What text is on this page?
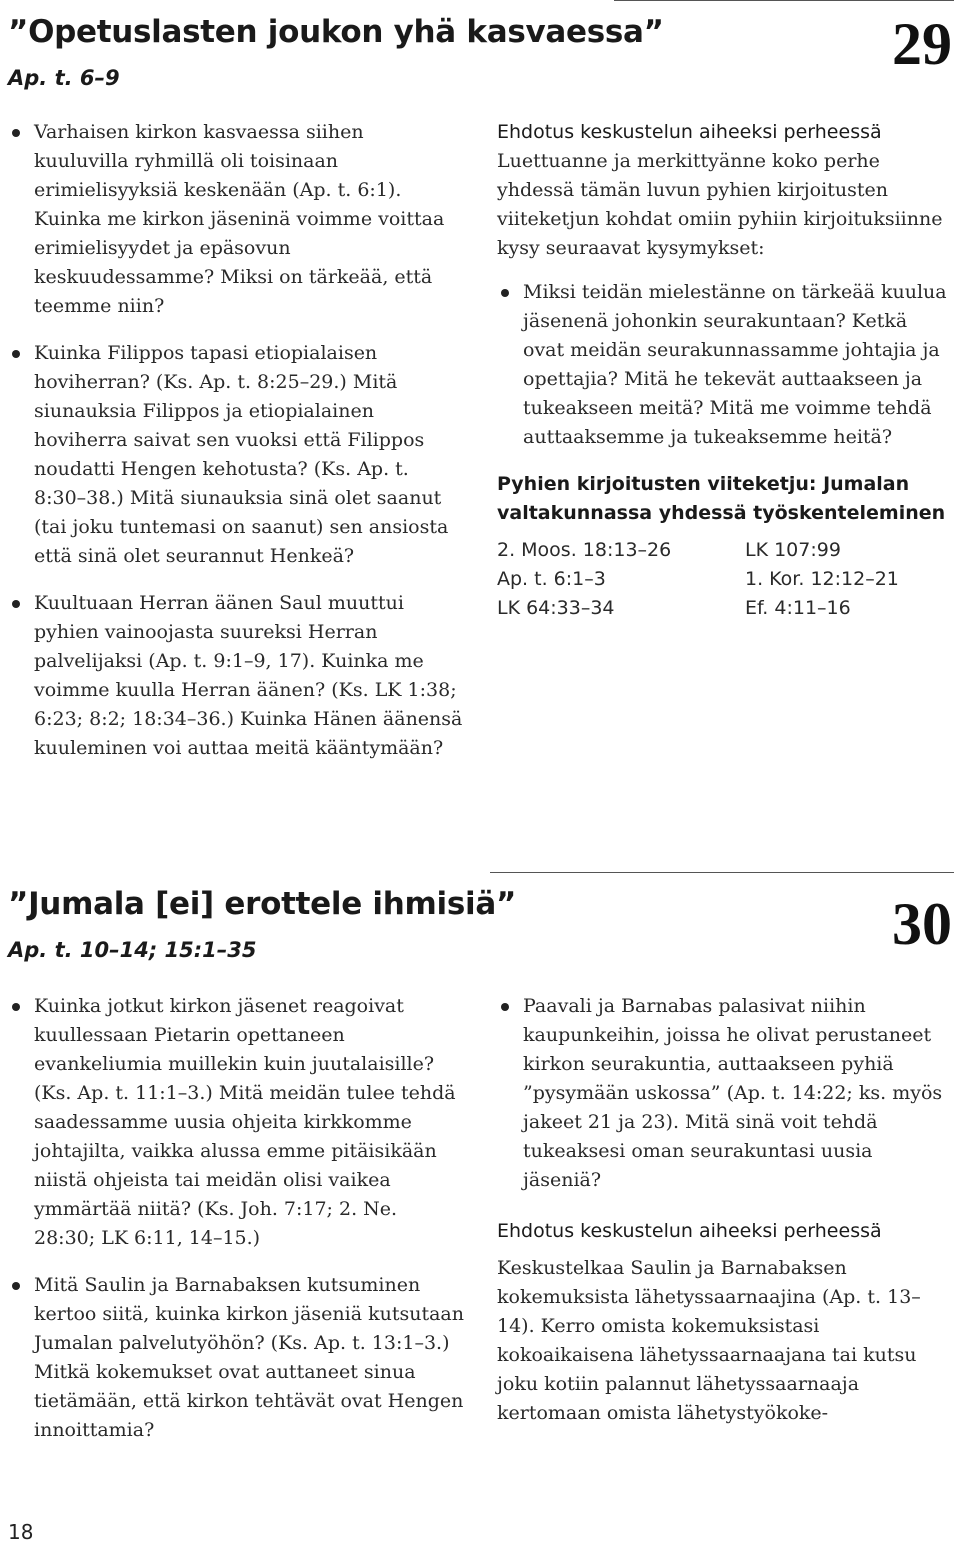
”Opetuslasten joukon yhä kasvaessa”
Ap. t. 6–9
29
Varhaisen kirkon kasvaessa siihen kuuluvilla ryhmillä oli toisinaan erimielisyyksiä keskenään (Ap. t. 6:1). Kuinka me kirkon jäseninä voimme voittaa erimielisyydet ja epäsovun keskuudessamme? Miksi on tärkeää, että teemme niin?
Kuinka Filippos tapasi etiopialaisen hoviherran? (Ks. Ap. t. 8:25–29.) Mitä siunauksia Filippos ja etiopialainen hoviherra saivat sen vuoksi että Filippos noudatti Hengen kehotusta? (Ks. Ap. t. 8:30–38.) Mitä siunauksia sinä olet saanut (tai joku tuntemasi on saanut) sen ansiosta että sinä olet seurannut Henkeä?
Kuultuaan Herran äänen Saul muuttui pyhien vainoojasta suureksi Herran palvelijaksi (Ap. t. 9:1–9, 17). Kuinka me voimme kuulla Herran äänen? (Ks. LK 1:38; 6:23; 8:2; 18:34–36.) Kuinka Hänen äänensä kuuleminen voi auttaa meitä kääntymään?
Ehdotus keskustelun aiheeksi perheessä

Luettuanne ja merkittyänne koko perhe yhdessä tämän luvun pyhien kirjoitusten viiteketjun kohdat omiin pyhiin kirjoituksiinne kysy seuraavat kysymykset:

Miksi teidän mielestänne on tärkeää kuulua jäsenenä johonkin seurakuntaan? Ketkä ovat meidän seurakunnassamme johtajia ja opettajia? Mitä he tekevät auttaakseen ja tukeakseen meitä? Mitä me voimme tehdä auttaaksemme ja tukeaksemme heitä?
Pyhien kirjoitusten viiteketju: Jumalan valtakunnassa yhdessä työskenteleminen
2. Moos. 18:13–26	LK 107:99
Ap. t. 6:1–3	1. Kor. 12:12–21
LK 64:33–34	Ef. 4:11–16
”Jumala [ei] erottele ihmisiä”
Ap. t. 10–14; 15:1–35	30
Kuinka jotkut kirkon jäsenet reagoivat kuullessaan Pietarin opettaneen evankeliumia muillekin kuin juutalaisille? (Ks. Ap. t. 11:1–3.) Mitä meidän tulee tehdä saadessamme uusia ohjeita kirkkomme johtajilta, vaikka alussa emme pitäisikään niistä ohjeista tai meidän olisi vaikea ymmärtää niitä? (Ks. Joh. 7:17; 2. Ne. 28:30; LK 6:11, 14–15.)
Mitä Saulin ja Barnabaksen kutsuminen kertoo siitä, kuinka kirkon jäseniä kutsutaan Jumalan palvelutyöhön? (Ks. Ap. t. 13:1–3.) Mitkä kokemukset ovat auttaneet sinua tietämään, että kirkon tehtävät ovat Hengen innoittamia?
Paavali ja Barnabas palasivat niihin kaupunkeihin, joissa he olivat perustaneet kirkon seurakuntia, auttaakseen pyhiä ”pysymään uskossa” (Ap. t. 14:22; ks. myös jakeet 21 ja 23). Mitä sinä voit tehdä tukeaksesi oman seurakuntasi uusia jäseniä?
Ehdotus keskustelun aiheeksi perheessä

Keskustelkaa Saulin ja Barnabaksen kokemuksista lähetyssaarnaajina (Ap. t. 13–14). Kerro omista kokemuksistasi kokoaikaisena lähetyssaarnaajana tai kutsu joku kotiin palannut lähetyssaarnaaja kertomaan omista lähetystyökoke-

18
